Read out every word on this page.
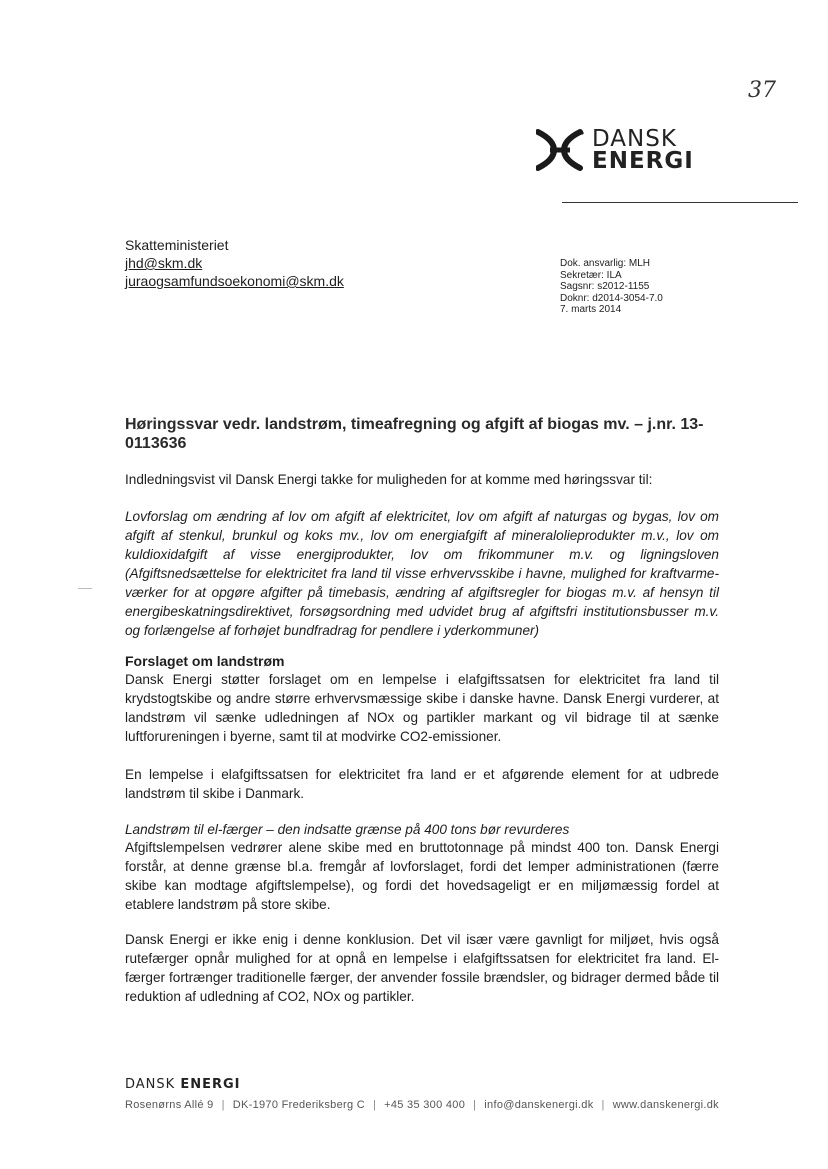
37
DANSK
ENERGI
Skatteministeriet
jhd@skm.dk
juraogsamfundsoekonomi@skm.dk
Dok. ansvarlig: MLH
Sekretær: ILA
Sagsnr: s2012-1155
Doknr: d2014-3054-7.0
7. marts 2014
Høringssvar vedr. landstrøm, timeafregning og afgift af biogas mv. – j.nr. 13-0113636
Indledningsvist vil Dansk Energi takke for muligheden for at komme med høringssvar til:
Lovforslag om ændring af lov om afgift af elektricitet, lov om afgift af naturgas og bygas, lov om afgift af stenkul, brunkul og koks mv., lov om energiafgift af mineralolieprodukter m.v., lov om kuldioxidafgift af visse energiprodukter, lov om frikommuner m.v. og ligningsloven (Afgiftsnedsættelse for elektricitet fra land til visse erhvervsskibe i havne, mulighed for kraftvarme-værker for at opgøre afgifter på timebasis, ændring af afgiftsregler for biogas m.v. af hensyn til energibeskatningsdirektivet, forsøgsordning med udvidet brug af afgiftsfri institutionsbusser m.v. og forlængelse af forhøjet bundfradrag for pendlere i yderkommuner)
Forslaget om landstrøm
Dansk Energi støtter forslaget om en lempelse i elafgiftssatsen for elektricitet fra land til krydstogtskibe og andre større erhvervsmæssige skibe i danske havne. Dansk Energi vurderer, at landstrøm vil sænke udledningen af NOx og partikler markant og vil bidrage til at sænke luftforureningen i byerne, samt til at modvirke CO2-emissioner.
En lempelse i elafgiftssatsen for elektricitet fra land er et afgørende element for at udbrede landstrøm til skibe i Danmark.
Landstrøm til el-færger – den indsatte grænse på 400 tons bør revurderes
Afgiftslempelsen vedrører alene skibe med en bruttotonnage på mindst 400 ton. Dansk Energi forstår, at denne grænse bl.a. fremgår af lovforslaget, fordi det lemper administrationen (færre skibe kan modtage afgiftslempelse), og fordi det hovedsageligt er en miljømæssig fordel at etablere landstrøm på store skibe.
Dansk Energi er ikke enig i denne konklusion. Det vil især være gavnligt for miljøet, hvis også rutefærger opnår mulighed for at opnå en lempelse i elafgiftssatsen for elektricitet fra land. El-færger fortrænger traditionelle færger, der anvender fossile brændsler, og bidrager dermed både til reduktion af udledning af CO2, NOx og partikler.
DANSK ENERGI
Rosenørns Allé 9 | DK-1970 Frederiksberg C | +45 35 300 400 | info@danskenergi.dk | www.danskenergi.dk
